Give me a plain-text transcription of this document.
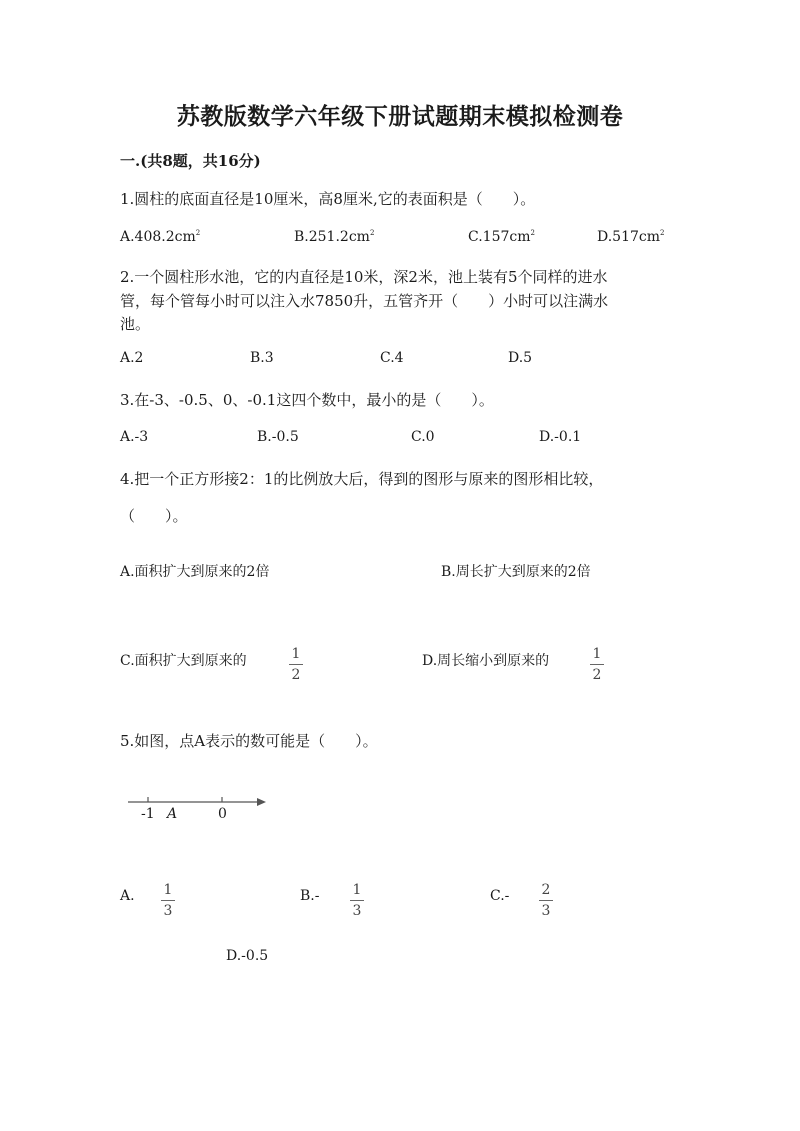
苏教版数学六年级下册试题期末模拟检测卷
一.(共8题，共16分)
1.圆柱的底面直径是10厘米，高8厘米,它的表面积是（　　）。
$A.408.2cm^2$	$B.251.2cm^2$	$C.157cm^2$	$D.517cm^2$
2.一个圆柱形水池，它的内直径是10米，深2米，池上装有5个同样的进水
管，每个管每小时可以注入水7850升，五管齐开（　　）小时可以注满水
池。
A.2	B.3	C.4	D.5
3.在-3、-0.5、0、-0.1这四个数中，最小的是（　　）。
A.-3	B.-0.5	C.0	D.-0.1
4.把一个正方形接2：1的比例放大后，得到的图形与原来的图形相比较，
（　　）。
A.面积扩大到原来的2倍	B.周长扩大到原来的2倍
C.面积扩大到原来的	1
2
D.周长缩小到原来的	1
2
5.如图，点A表示的数可能是（　　）。
-1 A	0
A. 1
3
B.- 1
3
C.- 2
3
D.-0.5
